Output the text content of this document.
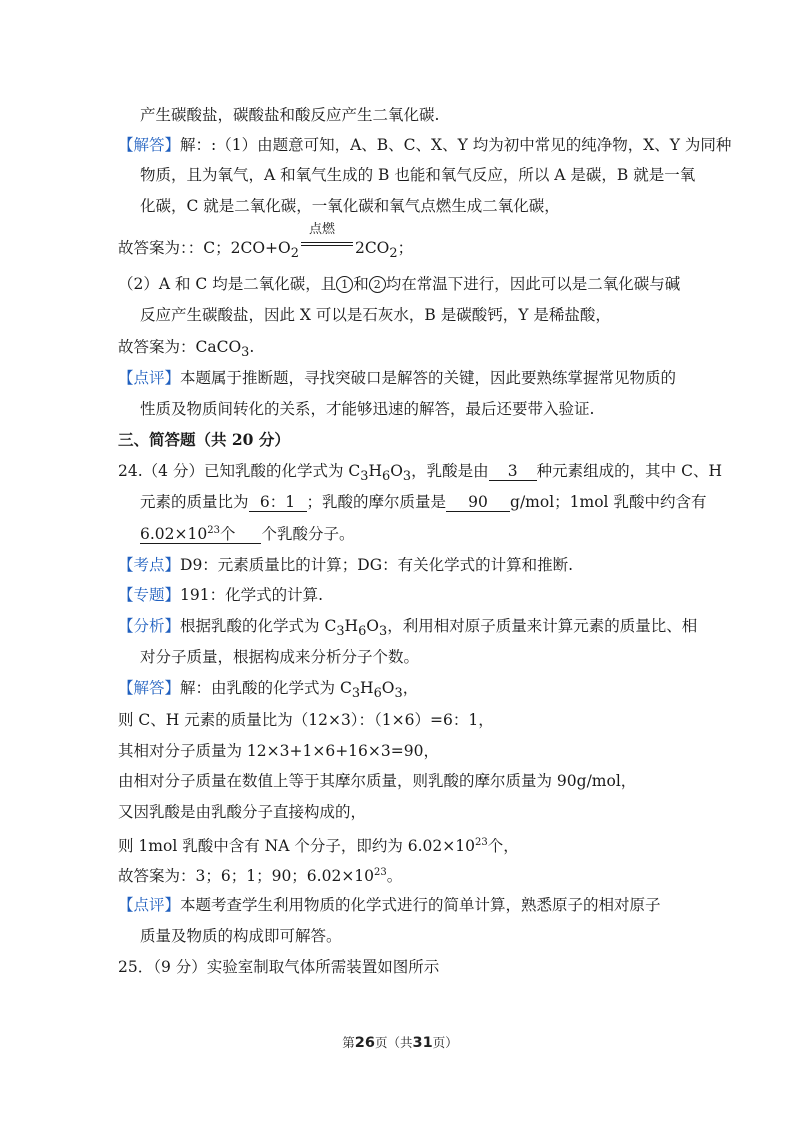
产生碳酸盐，碳酸盐和酸反应产生二氧化碳.
【解答】解：:（1）由题意可知，A、B、C、X、Y 均为初中常见的纯净物，X、Y 为同种
物质，且为氧气，A 和氧气生成的 B 也能和氧气反应，所以 A 是碳，B 就是一氧
化碳，C 就是二氧化碳，一氧化碳和氧气点燃生成二氧化碳，
故答案为：：C；$2CO+O_2$
点燃
$2CO_2$；
（2）A 和 C 均是二氧化碳，且 1 和 2 均在常温下进行，因此可以是二氧化碳与碱
反应产生碳酸盐，因此 X 可以是石灰水，B 是碳酸钙，Y 是稀盐酸，
故答案为：CaCO$_3$.
【点评】本题属于推断题，寻找突破口是解答的关键，因此要熟练掌握常见物质的
性质及物质间转化的关系，才能够迅速的解答，最后还要带入验证.
三、简答题（共 20 分）
24.（4 分）已知乳酸的化学式为 $C_3H_6O_3$，乳酸是由 3 种元素组成的，其中 C、H
元素的质量比为 6：1 ；乳酸的摩尔质量是 90 g/mol；1mol 乳酸中约含有
$6.02\times 10^{23}$个 个乳酸分子。
【考点】D9：元素质量比的计算；DG：有关化学式的计算和推断.
【专题】191：化学式的计算.
【分析】根据乳酸的化学式为 $C_3H_6O_3$，利用相对原子质量来计算元素的质量比、相
对分子质量，根据构成来分析分子个数。
【解答】解：由乳酸的化学式为 $C_3H_6O_3$，
则 C、H 元素的质量比为（12×3）：（1×6）=6：1，
其相对分子质量为 12×3+1×6+16×3=90，
由相对分子质量在数值上等于其摩尔质量，则乳酸的摩尔质量为 90g/mol，
又因乳酸是由乳酸分子直接构成的，
则 1mol 乳酸中含有 NA 个分子，即约为 $6.02\times 10^{23}$个，
故答案为：3；6；1；90；$6.02\times 10^{23}$。
【点评】本题考查学生利用物质的化学式进行的简单计算，熟悉原子的相对原子
质量及物质的构成即可解答。
25．（9 分）实验室制取气体所需装置如图所示
第26页（共31页）
